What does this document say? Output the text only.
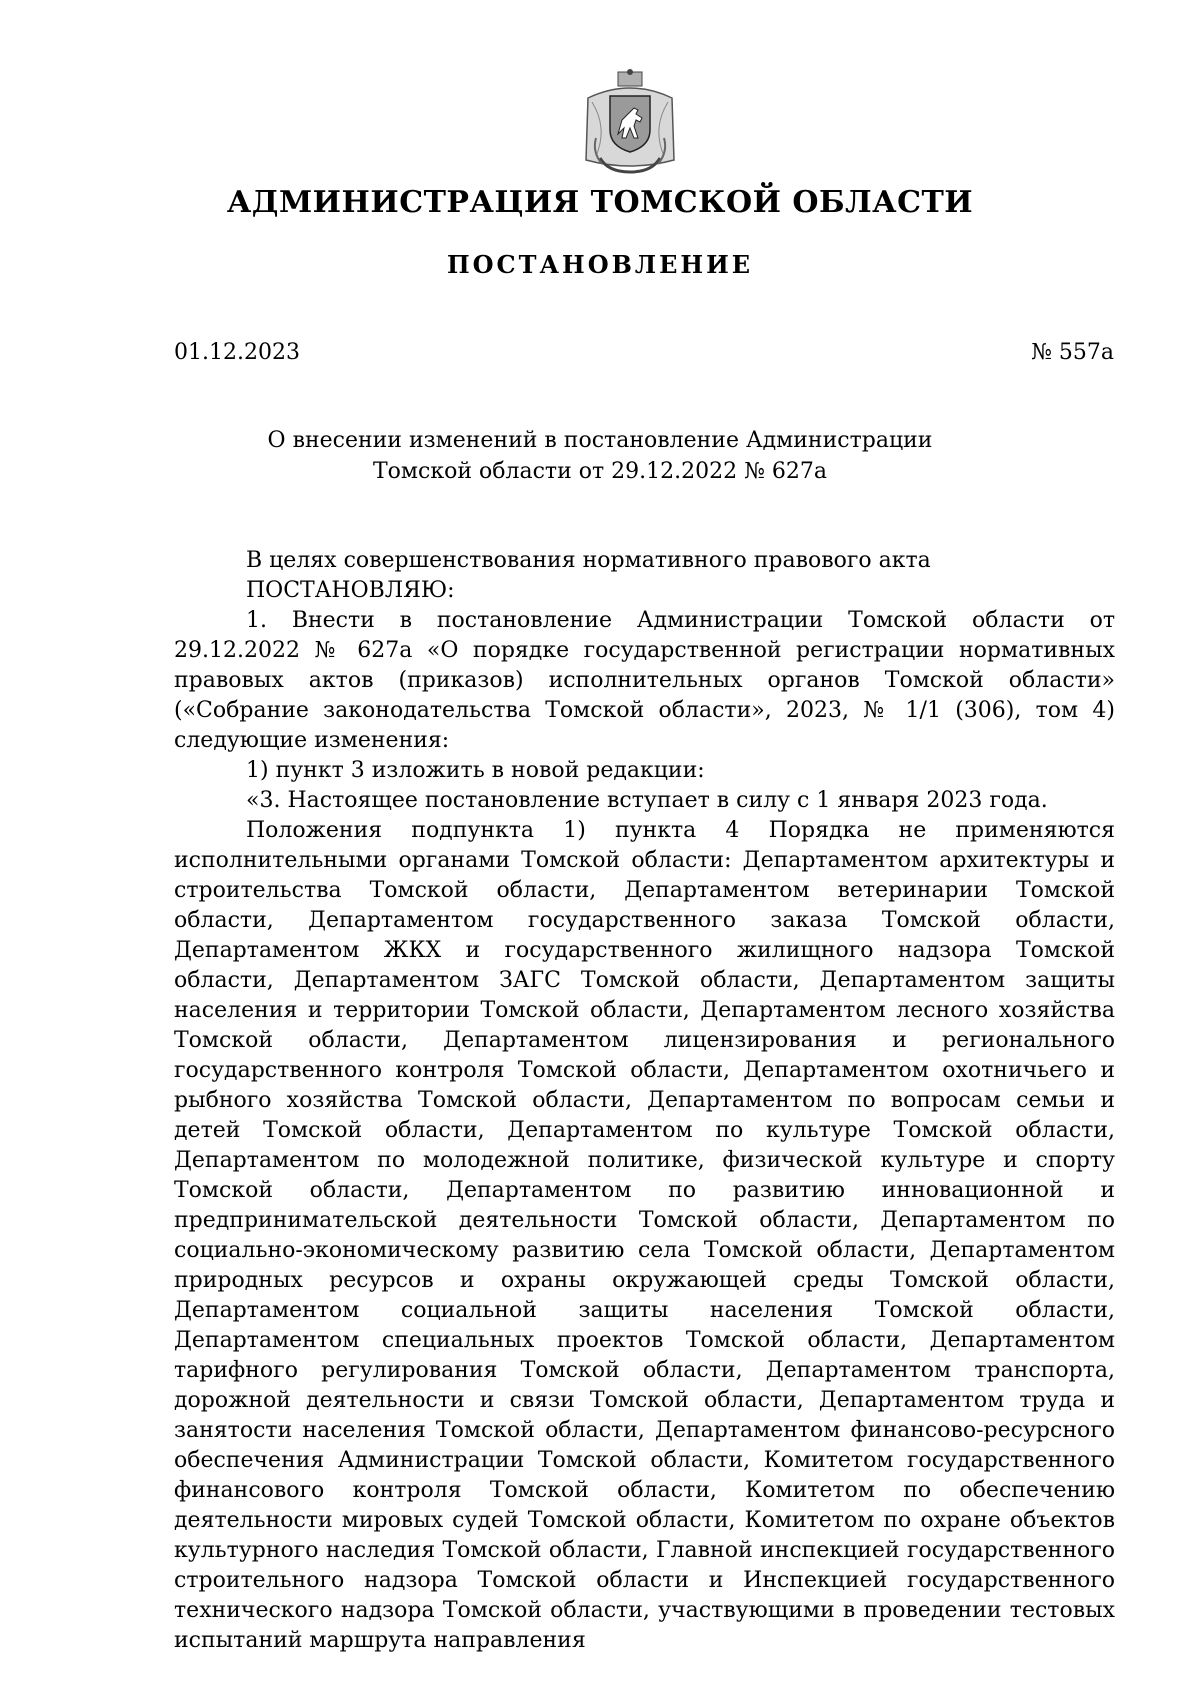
АДМИНИСТРАЦИЯ ТОМСКОЙ ОБЛАСТИ
ПОСТАНОВЛЕНИЕ
01.12.2023	№ 557а
О внесении изменений в постановление Администрации
Томской области от 29.12.2022 № 627а

В целях совершенствования нормативного правового акта

ПОСТАНОВЛЯЮ:

1. Внести в постановление Администрации Томской области от 29.12.2022 № 627а «О порядке государственной регистрации нормативных правовых актов (приказов) исполнительных органов Томской области» («Собрание законодательства Томской области», 2023, № 1/1 (306), том 4) следующие изменения:

1) пункт 3 изложить в новой редакции:

«3. Настоящее постановление вступает в силу с 1 января 2023 года.

Положения подпункта 1) пункта 4 Порядка не применяются исполнительными органами Томской области: Департаментом архитектуры и строительства Томской области, Департаментом ветеринарии Томской области, Департаментом государственного заказа Томской области, Департаментом ЖКХ и государственного жилищного надзора Томской области, Департаментом ЗАГС Томской области, Департаментом защиты населения и территории Томской области, Департаментом лесного хозяйства Томской области, Департаментом лицензирования и регионального государственного контроля Томской области, Департаментом охотничьего и рыбного хозяйства Томской области, Департаментом по вопросам семьи и детей Томской области, Департаментом по культуре Томской области, Департаментом по молодежной политике, физической культуре и спорту Томской области, Департаментом по развитию инновационной и предпринимательской деятельности Томской области, Департаментом по социально-экономическому развитию села Томской области, Департаментом природных ресурсов и охраны окружающей среды Томской области, Департаментом социальной защиты населения Томской области, Департаментом специальных проектов Томской области, Департаментом тарифного регулирования Томской области, Департаментом транспорта, дорожной деятельности и связи Томской области, Департаментом труда и занятости населения Томской области, Департаментом финансово-ресурсного обеспечения Администрации Томской области, Комитетом государственного финансового контроля Томской области, Комитетом по обеспечению деятельности мировых судей Томской области, Комитетом по охране объектов культурного наследия Томской области, Главной инспекцией государственного строительного надзора Томской области и Инспекцией государственного технического надзора Томской области, участвующими в проведении тестовых испытаний маршрута направления
